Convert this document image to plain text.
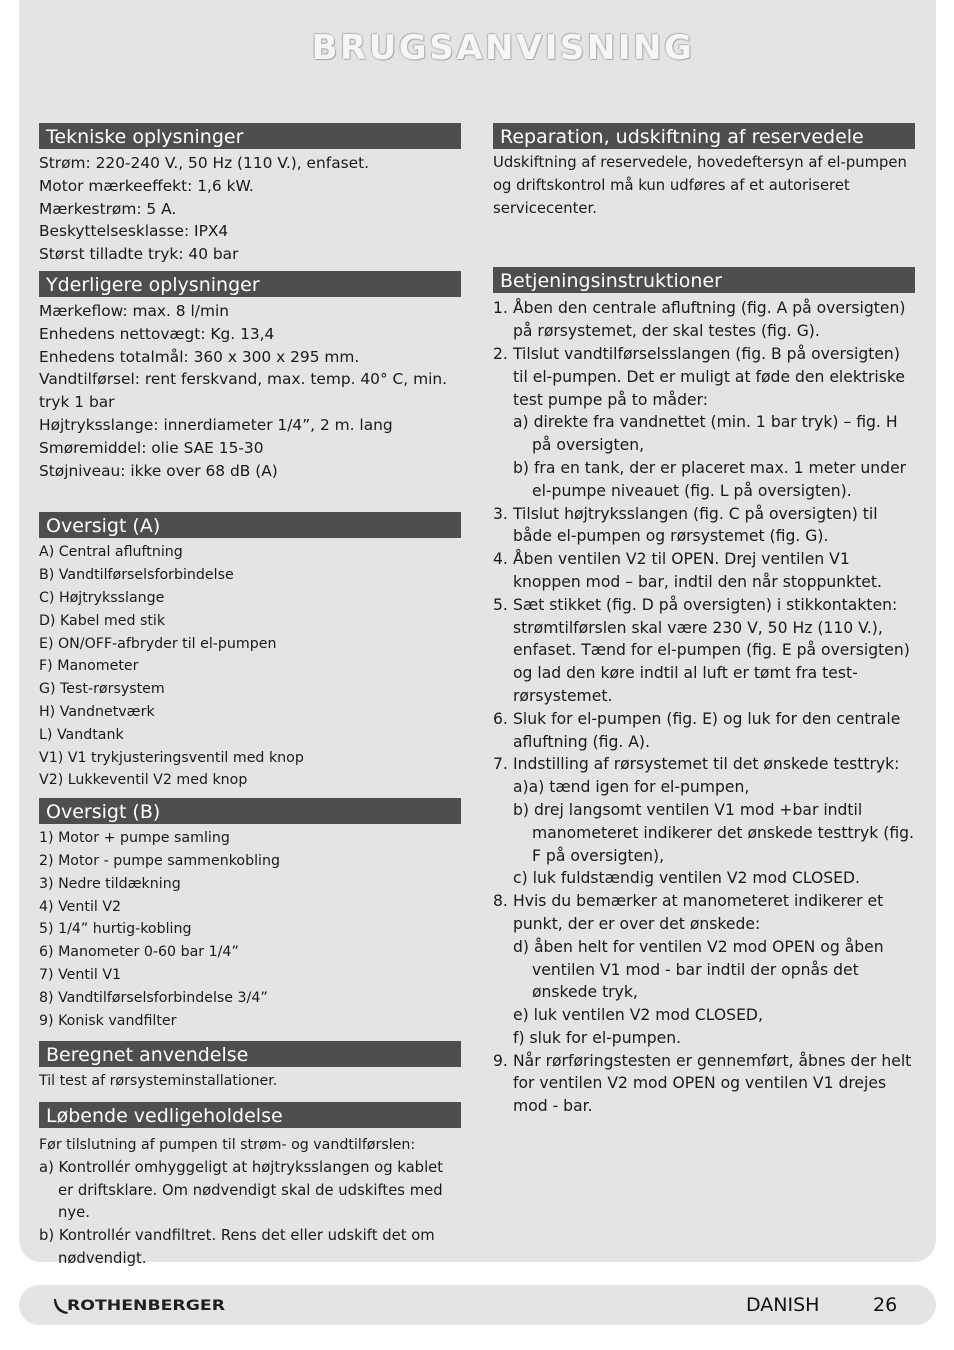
BRUGSANVISNING
Tekniske oplysninger
Strøm: 220-240 V., 50 Hz (110 V.), enfaset.
Motor mærkeeffekt: 1,6 kW.
Mærkestrøm: 5 A.
Beskyttelsesklasse: IPX4
Størst tilladte tryk: 40 bar
Yderligere oplysninger
Mærkeflow: max. 8 l/min
Enhedens nettovægt: Kg. 13,4
Enhedens totalmål: 360 x 300 x 295 mm.
Vandtilførsel: rent ferskvand, max. temp. 40° C, min.
tryk 1 bar
Højtryksslange: innerdiameter 1/4”, 2 m. lang
Smøremiddel: olie SAE 15-30
Støjniveau: ikke over 68 dB (A)
Oversigt (A)
A) Central afluftning
B) Vandtilførselsforbindelse
C) Højtryksslange
D) Kabel med stik
E) ON/OFF-afbryder til el-pumpen
F) Manometer
G) Test-rørsystem
H) Vandnetværk
L) Vandtank
V1) V1 trykjusteringsventil med knop
V2) Lukkeventil V2 med knop
Oversigt (B)
1) Motor + pumpe samling
2) Motor - pumpe sammenkobling
3) Nedre tildækning
4) Ventil V2
5) 1/4” hurtig-kobling
6) Manometer 0-60 bar 1/4”
7) Ventil V1
8) Vandtilførselsforbindelse 3/4”
9) Konisk vandfilter
Beregnet anvendelse
Til test af rørsysteminstallationer.
Løbende vedligeholdelse
Før tilslutning af pumpen til strøm- og vandtilførslen:
a) Kontrollér omhyggeligt at højtryksslangen og kablet er driftsklare. Om nødvendigt skal de udskiftes med nye.
b) Kontrollér vandfiltret. Rens det eller udskift det om nødvendigt.
Reparation, udskiftning af reservedele
Udskiftning af reservedele, hovedeftersyn af el-pumpen og driftskontrol må kun udføres af et autoriseret servicecenter.
Betjeningsinstruktioner
1. Åben den centrale afluftning (fig. A på oversigten) på rørsystemet, der skal testes (fig. G).
2. Tilslut vandtilførselsslangen (fig. B på oversigten) til el-pumpen. Det er muligt at føde den elektriske test pumpe på to måder:
a) direkte fra vandnettet (min. 1 bar tryk) – fig. H på oversigten,
b) fra en tank, der er placeret max. 1 meter under el-pumpe niveauet (fig. L på oversigten).
3. Tilslut højtryksslangen (fig. C på oversigten) til både el-pumpen og rørsystemet (fig. G).
4. Åben ventilen V2 til OPEN. Drej ventilen V1 knoppen mod – bar, indtil den når stoppunktet.
5. Sæt stikket (fig. D på oversigten) i stikkontakten: strømtilførslen skal være 230 V, 50 Hz (110 V.), enfaset. Tænd for el-pumpen (fig. E på oversigten) og lad den køre indtil al luft er tømt fra test-rørsystemet.
6. Sluk for el-pumpen (fig. E) og luk for den centrale afluftning (fig. A).
7. Indstilling af rørsystemet til det ønskede testtryk:
a)a) tænd igen for el-pumpen,
b) drej langsomt ventilen V1 mod +bar indtil manometeret indikerer det ønskede testtryk (fig. F på oversigten),
c) luk fuldstændig ventilen V2 mod CLOSED.
8. Hvis du bemærker at manometeret indikerer et punkt, der er over det ønskede:
d) åben helt for ventilen V2 mod OPEN og åben ventilen V1 mod - bar indtil der opnås det ønskede tryk,
e) luk ventilen V2 mod CLOSED,
f) sluk for el-pumpen.
9. Når rørføringstesten er gennemført, åbnes der helt for ventilen V2 mod OPEN og ventilen V1 drejes mod - bar.
ROTHENBERGER	DANISH	26
